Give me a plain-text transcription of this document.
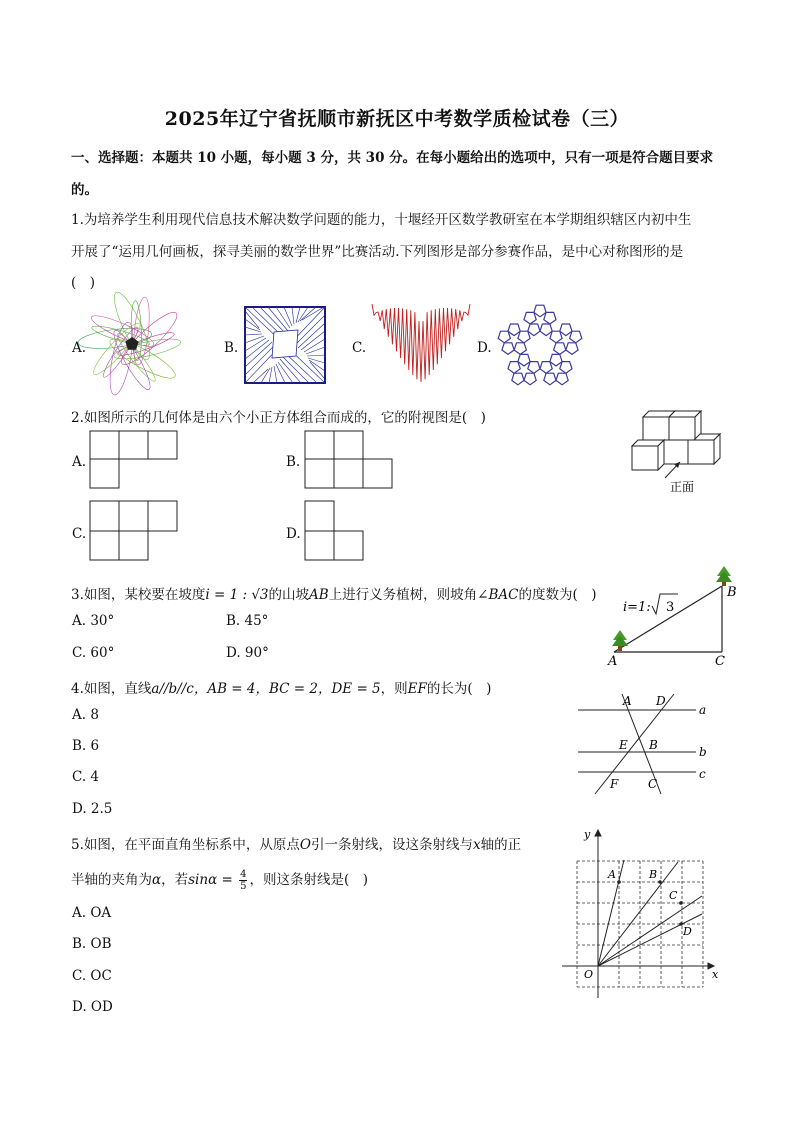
2025年辽宁省抚顺市新抚区中考数学质检试卷（三）
一、选择题：本题共 10 小题，每小题 3 分，共 30 分。在每小题给出的选项中，只有一项是符合题目要求
的。
1.为培养学生利用现代信息技术解决数学问题的能力，十堰经开区数学教研室在本学期组织辖区内初中生
开展了“运用几何画板，探寻美丽的数学世界”比赛活动.下列图形是部分参赛作品，是中心对称图形的是
(　)
A.	B.	C.	D.
2.如图所示的几何体是由六个小正方体组合而成的，它的附视图是(　)
A.	B.
C.	D.
正面
3.如图，某校要在坡度i = 1 : √3的山坡AB上进行义务植树，则坡角∠BAC的度数为(　)
A. 30°	B. 45°
C. 60°	D. 90°
i=1: 3
A
B
C
4.如图，直线a//b//c，AB = 4，BC = 2，DE = 5，则EF的长为(　)
A. 8
B. 6
C. 4
D. 2.5
A D
a
E B	b
F C
c
5.如图，在平面直角坐标系中，从原点O引一条射线，设这条射线与x轴的正
半轴的夹角为α，若$\sin\alpha = \frac{4}{5}$ ，则这条射线是(　)
A. OA
B. OB
C. OC
D. OD
y
x
O
A	B
C
D
